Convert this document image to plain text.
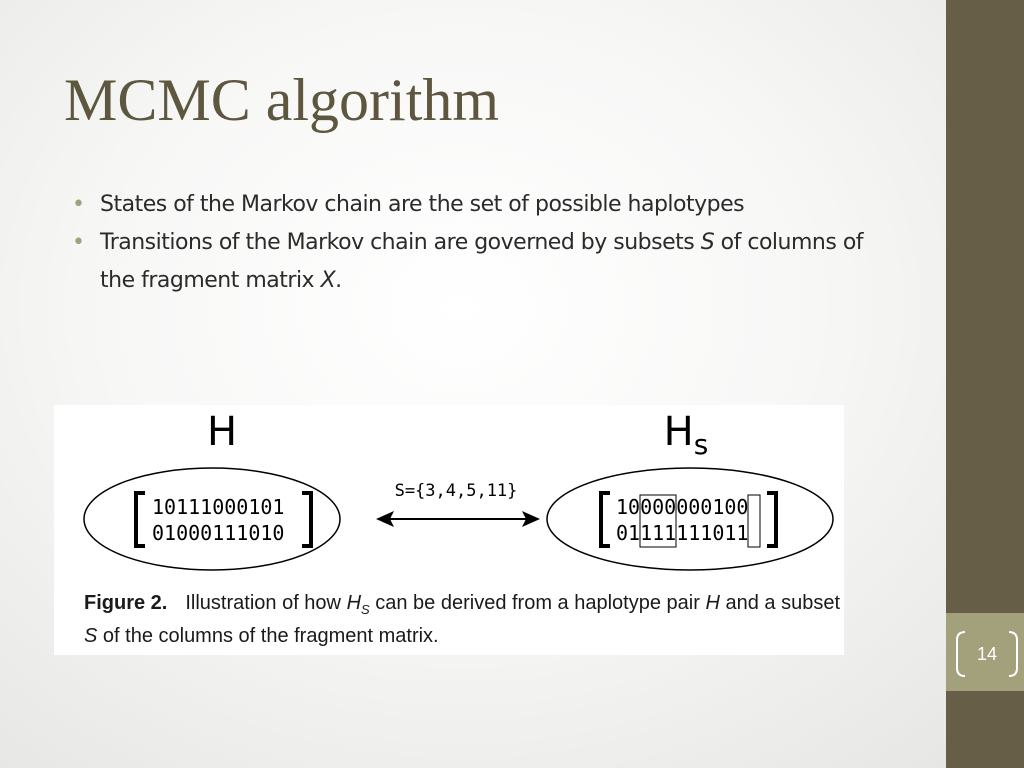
14
MCMC algorithm
• States of the Markov chain are the set of possible haplotypes
• Transitions of the Markov chain are governed by subsets S of columns of the fragment matrix X.
H	$H_s$
10111000101
01000111010
10000000100
01111111011
S={3,4,5,11}
Figure 2. Illustration of how $H_S$ can be derived from a haplotype pair H and a subset S of the columns of the fragment matrix.
